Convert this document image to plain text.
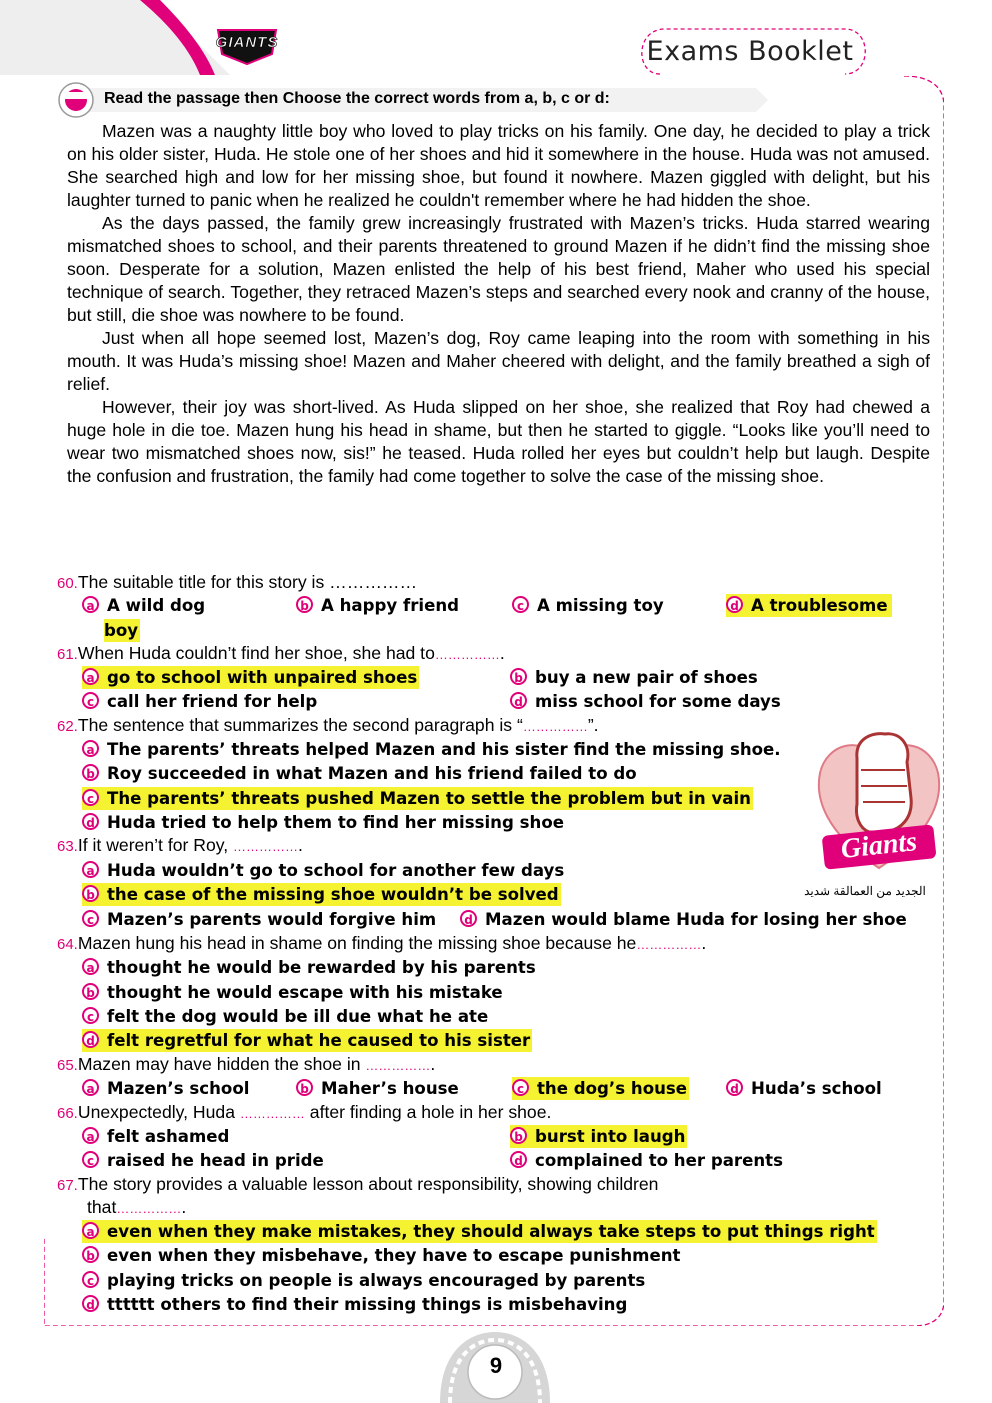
GIANTS	Exams Booklet
Read the passage then Choose the correct words from a, b, c or d:

Mazen was a naughty little boy who loved to play tricks on his family. One day, he decided to play a trick on his older sister, Huda. He stole one of her shoes and hid it somewhere in the house. Huda was not amused. She searched high and low for her missing shoe, but found it nowhere. Mazen giggled with delight, but his laughter turned to panic when he realized he couldn't remember where he had hidden the shoe.

As the days passed, the family grew increasingly frustrated with Mazen’s tricks. Huda starred wearing mismatched shoes to school, and their parents threatened to ground Mazen if he didn’t find the missing shoe soon. Desperate for a solution, Mazen enlisted the help of his best friend, Maher who used his special technique of search. Together, they retraced Mazen’s steps and searched every nook and cranny of the house, but still, die shoe was nowhere to be found.

Just when all hope seemed lost, Mazen’s dog, Roy came leaping into the room with something in his mouth. It was Huda’s missing shoe! Mazen and Maher cheered with delight, and the family breathed a sigh of relief.

However, their joy was short-lived. As Huda slipped on her shoe, she realized that Roy had chewed a huge hole in die toe. Mazen hung his head in shame, but then he started to giggle. “Looks like you’ll need to wear two mismatched shoes now, sis!” he teased. Huda rolled her eyes but couldn’t help but laugh. Despite the confusion and frustration, the family had come together to solve the case of the missing shoe.

60.The suitable title for this story is ……………
a A wild dog	b A happy friend	c A missing toy	d A troublesome
boy
61.When Huda couldn’t find her shoe, she had to…………….
a go to school with unpaired shoes	b buy a new pair of shoes
c call her friend for help	d miss school for some days
62.The sentence that summarizes the second paragraph is “……………”.
a The parents’ threats helped Mazen and his sister find the missing shoe.
b Roy succeeded in what Mazen and his friend failed to do
c The parents’ threats pushed Mazen to settle the problem but in vain
d Huda tried to help them to find her missing shoe
63.If it weren’t for Roy, …………….
a Huda wouldn’t go to school for another few days
b the case of the missing shoe wouldn’t be solved
c Mazen’s parents would forgive him	d Mazen would blame Huda for losing her shoe
64.Mazen hung his head in shame on finding the missing shoe because he…………….
a thought he would be rewarded by his parents
b thought he would escape with his mistake
c felt the dog would be ill due what he ate
d felt regretful for what he caused to his sister
65.Mazen may have hidden the shoe in …………….
a Mazen’s school	b Maher’s house	c the dog’s house	d Huda’s school
66.Unexpectedly, Huda …………… after finding a hole in her shoe.
a felt ashamed	b burst into laugh
c raised he head in pride	d complained to her parents
67.The story provides a valuable lesson about responsibility, showing children
that…………….
a even when they make mistakes, they should always take steps to put things right
b even when they misbehave, they have to escape punishment
c playing tricks on people is always encouraged by parents
d tttttt others to find their missing things is misbehaving
Giants
الجديد من العمالقة شديد
9
